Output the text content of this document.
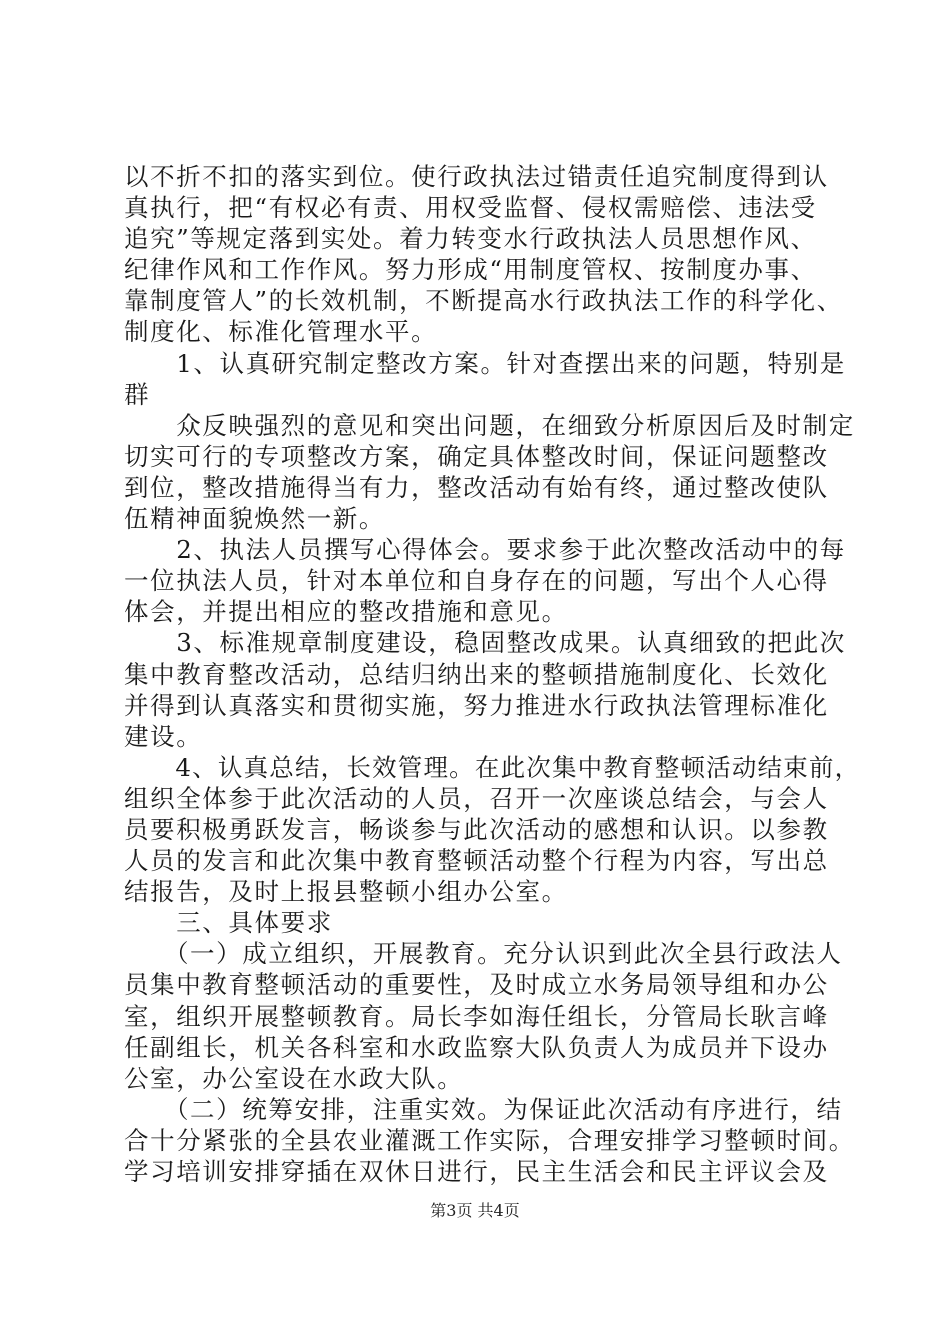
以不折不扣的落实到位。使行政执法过错责任追究制度得到认
真执行，把“有权必有责、用权受监督、侵权需赔偿、违法受
追究”等规定落到实处。着力转变水行政执法人员思想作风、
纪律作风和工作作风。努力形成“用制度管权、按制度办事、
靠制度管人”的长效机制，不断提高水行政执法工作的科学化、
制度化、标准化管理水平。
　　1、认真研究制定整改方案。针对查摆出来的问题，特别是
群
　　众反映强烈的意见和突出问题，在细致分析原因后及时制定
切实可行的专项整改方案，确定具体整改时间，保证问题整改
到位，整改措施得当有力，整改活动有始有终，通过整改使队
伍精神面貌焕然一新。
　　2、执法人员撰写心得体会。要求参于此次整改活动中的每
一位执法人员，针对本单位和自身存在的问题，写出个人心得
体会，并提出相应的整改措施和意见。
　　3、标准规章制度建设，稳固整改成果。认真细致的把此次
集中教育整改活动，总结归纳出来的整顿措施制度化、长效化
并得到认真落实和贯彻实施，努力推进水行政执法管理标准化
建设。
　　4、认真总结，长效管理。在此次集中教育整顿活动结束前，
组织全体参于此次活动的人员，召开一次座谈总结会，与会人
员要积极勇跃发言，畅谈参与此次活动的感想和认识。以参教
人员的发言和此次集中教育整顿活动整个行程为内容，写出总
结报告，及时上报县整顿小组办公室。
　　三、具体要求
　　（一）成立组织，开展教育。充分认识到此次全县行政法人
员集中教育整顿活动的重要性，及时成立水务局领导组和办公
室，组织开展整顿教育。局长李如海任组长，分管局长耿言峰
任副组长，机关各科室和水政监察大队负责人为成员并下设办
公室，办公室设在水政大队。
　　（二）统筹安排，注重实效。为保证此次活动有序进行，结
合十分紧张的全县农业灌溉工作实际，合理安排学习整顿时间。
学习培训安排穿插在双休日进行，民主生活会和民主评议会及
第3页 共4页
